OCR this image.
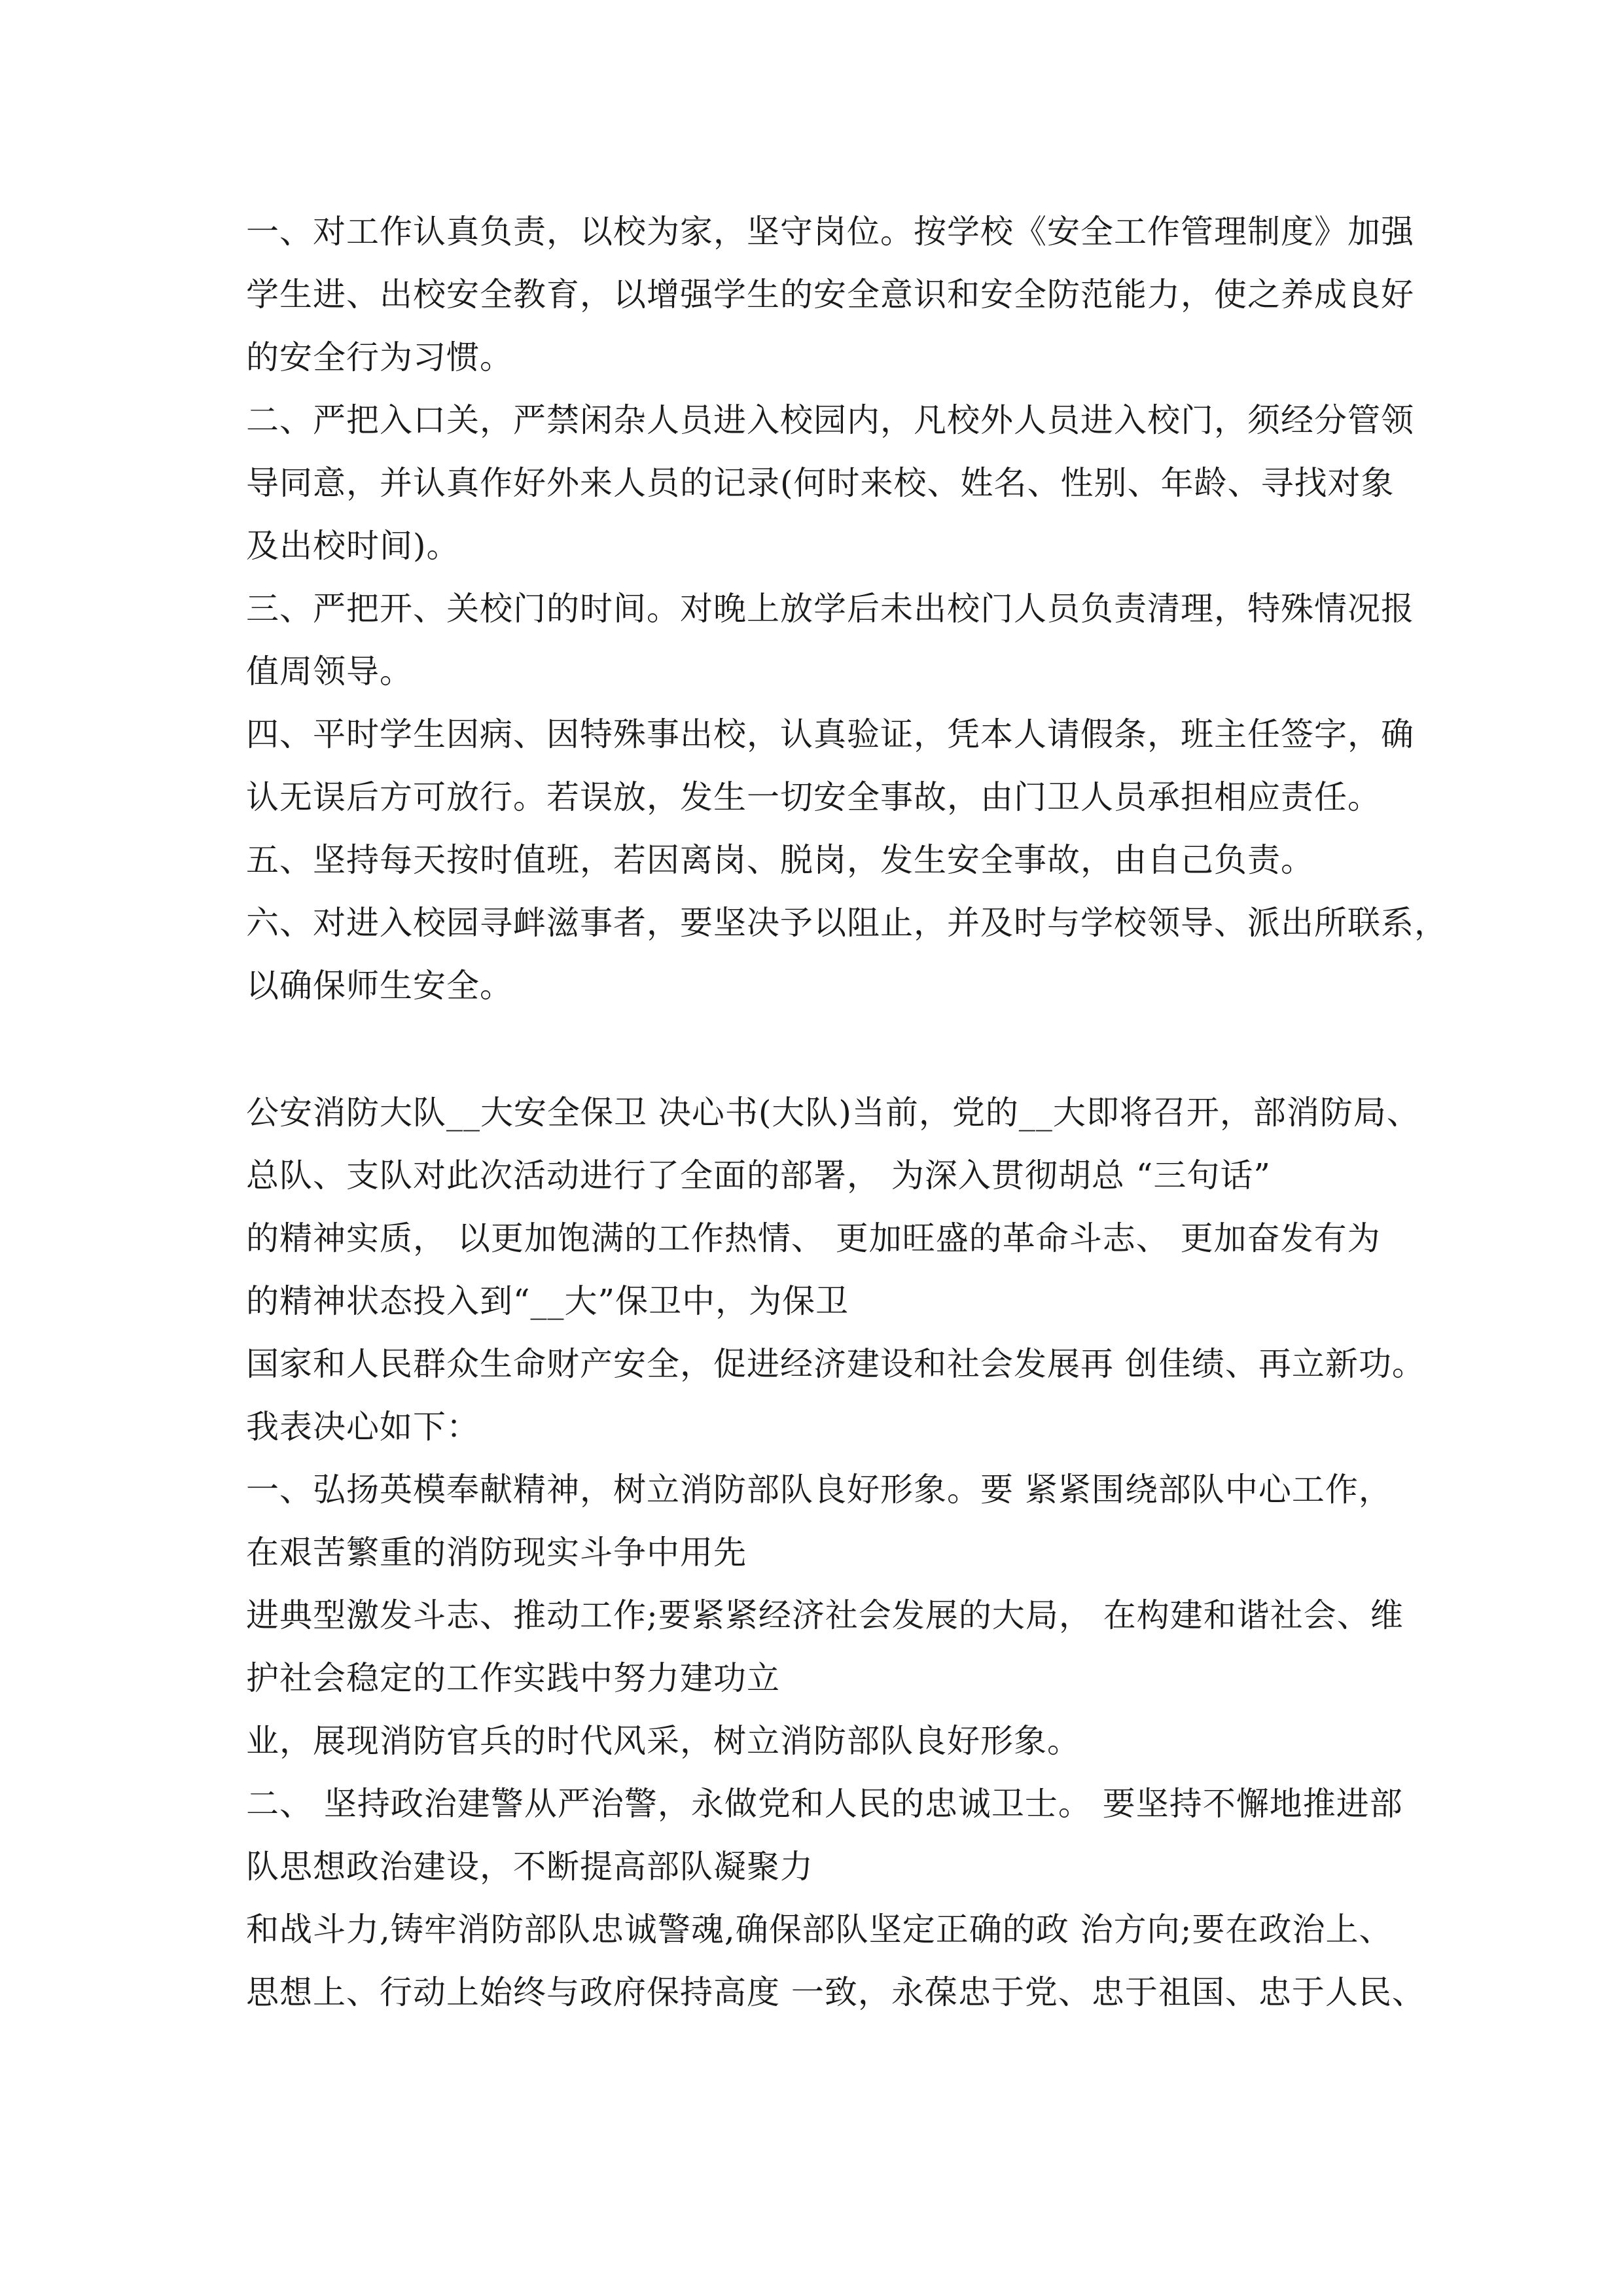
一、对工作认真负责，以校为家，坚守岗位。按学校《安全工作管理制度》加强
学生进、出校安全教育，以增强学生的安全意识和安全防范能力，使之养成良好
的安全行为习惯。
二、严把入口关，严禁闲杂人员进入校园内，凡校外人员进入校门，须经分管领
导同意，并认真作好外来人员的记录(何时来校、姓名、性别、年龄、寻找对象
及出校时间)。
三、严把开、关校门的时间。对晚上放学后未出校门人员负责清理，特殊情况报
值周领导。
四、平时学生因病、因特殊事出校，认真验证，凭本人请假条，班主任签字，确
认无误后方可放行。若误放，发生一切安全事故，由门卫人员承担相应责任。
五、坚持每天按时值班，若因离岗、脱岗，发生安全事故，由自己负责。
六、对进入校园寻衅滋事者，要坚决予以阻止，并及时与学校领导、派出所联系，
以确保师生安全。
公安消防大队__大安全保卫 决心书(大队)当前，党的__大即将召开，部消防局、
总队、支队对此次活动进行了全面的部署， 为深入贯彻胡总 “三句话”
的精神实质， 以更加饱满的工作热情、 更加旺盛的革命斗志、 更加奋发有为
的精神状态投入到“__大”保卫中，为保卫
国家和人民群众生命财产安全，促进经济建设和社会发展再 创佳绩、再立新功。
我表决心如下：
一、弘扬英模奉献精神，树立消防部队良好形象。要 紧紧围绕部队中心工作，
在艰苦繁重的消防现实斗争中用先
进典型激发斗志、推动工作;要紧紧经济社会发展的大局， 在构建和谐社会、维
护社会稳定的工作实践中努力建功立
业，展现消防官兵的时代风采，树立消防部队良好形象。
二、 坚持政治建警从严治警，永做党和人民的忠诚卫士。 要坚持不懈地推进部
队思想政治建设，不断提高部队凝聚力
和战斗力,铸牢消防部队忠诚警魂,确保部队坚定正确的政 治方向;要在政治上、
思想上、行动上始终与政府保持高度 一致，永葆忠于党、忠于祖国、忠于人民、
